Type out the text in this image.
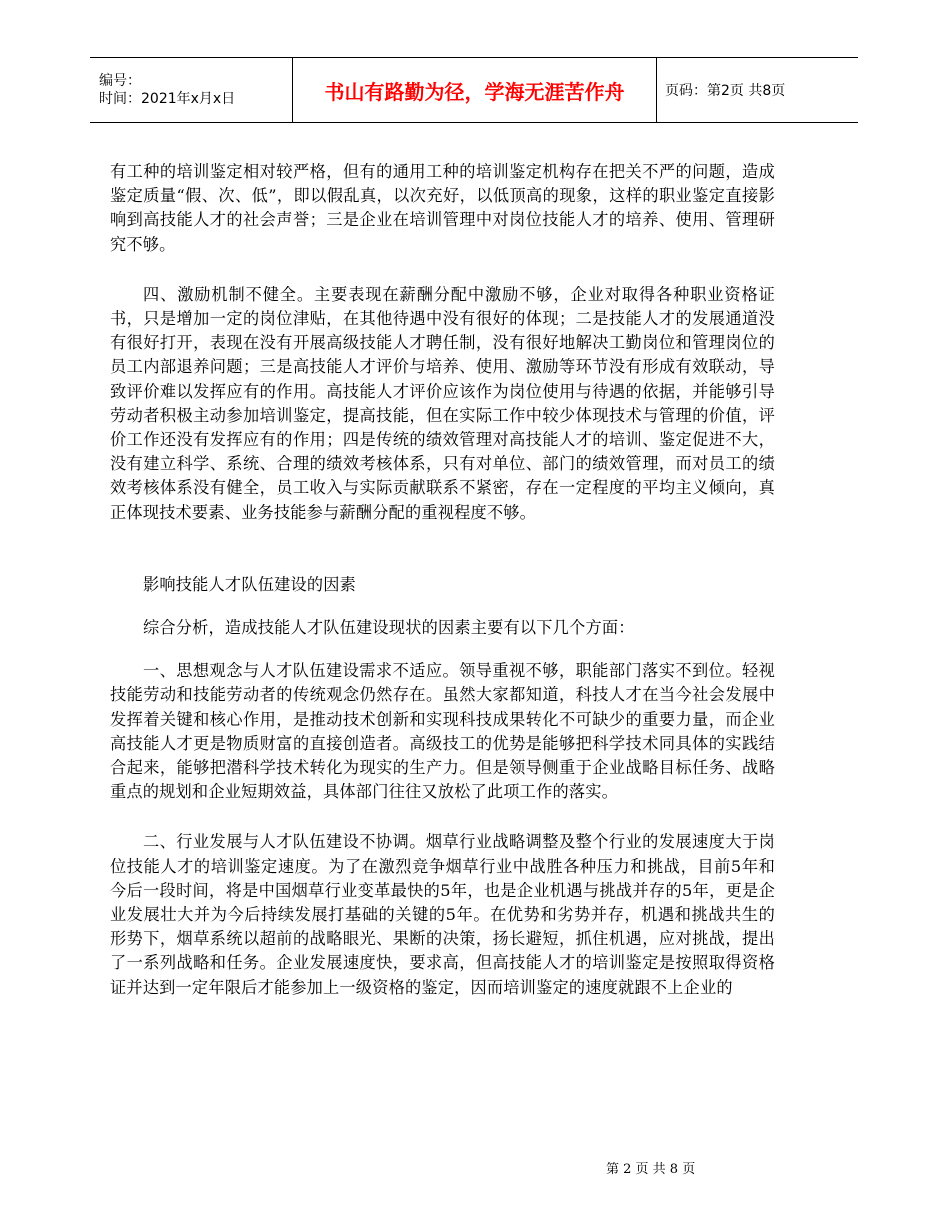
编号：
时间：2021年x月x日	书山有路勤为径，学海无涯苦作舟	页码：第2页 共8页

有工种的培训鉴定相对较严格，但有的通用工种的培训鉴定机构存在把关不严的问题，造成鉴定质量“假、次、低”，即以假乱真，以次充好，以低顶高的现象，这样的职业鉴定直接影响到高技能人才的社会声誉；三是企业在培训管理中对岗位技能人才的培养、使用、管理研究不够。

四、激励机制不健全。主要表现在薪酬分配中激励不够，企业对取得各种职业资格证书，只是增加一定的岗位津贴，在其他待遇中没有很好的体现；二是技能人才的发展通道没有很好打开，表现在没有开展高级技能人才聘任制，没有很好地解决工勤岗位和管理岗位的员工内部退养问题；三是高技能人才评价与培养、使用、激励等环节没有形成有效联动，导致评价难以发挥应有的作用。高技能人才评价应该作为岗位使用与待遇的依据，并能够引导劳动者积极主动参加培训鉴定，提高技能，但在实际工作中较少体现技术与管理的价值，评价工作还没有发挥应有的作用；四是传统的绩效管理对高技能人才的培训、鉴定促进不大，没有建立科学、系统、合理的绩效考核体系，只有对单位、部门的绩效管理，而对员工的绩效考核体系没有健全，员工收入与实际贡献联系不紧密，存在一定程度的平均主义倾向，真正体现技术要素、业务技能参与薪酬分配的重视程度不够。

影响技能人才队伍建设的因素

综合分析，造成技能人才队伍建设现状的因素主要有以下几个方面：

一、思想观念与人才队伍建设需求不适应。领导重视不够，职能部门落实不到位。轻视技能劳动和技能劳动者的传统观念仍然存在。虽然大家都知道，科技人才在当今社会发展中发挥着关键和核心作用，是推动技术创新和实现科技成果转化不可缺少的重要力量，而企业高技能人才更是物质财富的直接创造者。高级技工的优势是能够把科学技术同具体的实践结合起来，能够把潜科学技术转化为现实的生产力。但是领导侧重于企业战略目标任务、战略重点的规划和企业短期效益，具体部门往往又放松了此项工作的落实。

二、行业发展与人才队伍建设不协调。烟草行业战略调整及整个行业的发展速度大于岗位技能人才的培训鉴定速度。为了在激烈竞争烟草行业中战胜各种压力和挑战，目前5年和今后一段时间，将是中国烟草行业变革最快的5年，也是企业机遇与挑战并存的5年，更是企业发展壮大并为今后持续发展打基础的关键的5年。在优势和劣势并存，机遇和挑战共生的形势下，烟草系统以超前的战略眼光、果断的决策，扬长避短，抓住机遇，应对挑战，提出了一系列战略和任务。企业发展速度快，要求高，但高技能人才的培训鉴定是按照取得资格证并达到一定年限后才能参加上一级资格的鉴定，因而培训鉴定的速度就跟不上企业的

第 2 页 共 8 页
